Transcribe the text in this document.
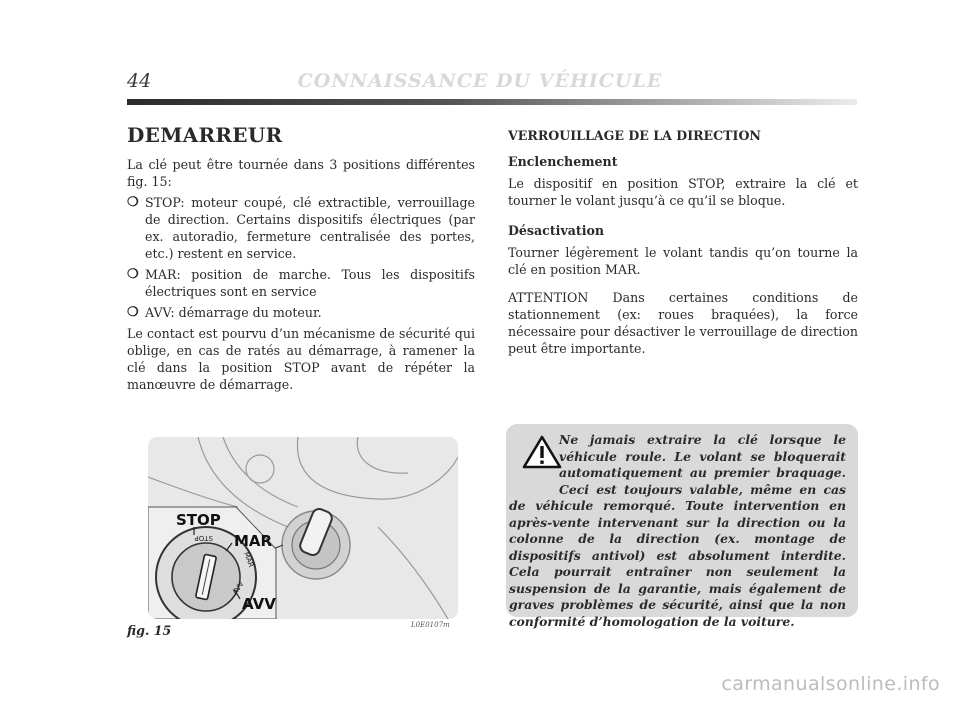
44	CONNAISSANCE DU VÉHICULE
DEMARREUR

La clé peut être tournée dans 3 positions différentes fig. 15:

❍ STOP: moteur coupé, clé extractible, verrouillage de direction. Certains dispositifs électriques (par ex. autoradio, fermeture centralisée des portes, etc.) restent en service.

❍ MAR: position de marche. Tous les dispositifs électriques sont en service

❍ AVV: démarrage du moteur.

Le contact est pourvu d’un mécanisme de sécurité qui oblige, en cas de ratés au démarrage, à ramener la clé dans la position STOP avant de répéter la manœuvre de démarrage.

VERROUILLAGE DE LA DIRECTION

Enclenchement

Le dispositif en position STOP, extraire la clé et tourner le volant jusqu’à ce qu’il se bloque.

Désactivation

Tourner légèrement le volant tandis qu’on tourne la clé en position MAR.

ATTENTION Dans certaines conditions de stationnement (ex: roues braquées), la force nécessaire pour désactiver le verrouillage de direction peut être importante.

STOP
MAR
AVV
STOP
MAR
AVV
fig. 15	L0E0107m
Ne jamais extraire la clé lorsque le véhicule roule. Le volant se bloquerait automatiquement au premier braquage. Ceci est toujours valable, même en cas de véhicule remorqué. Toute intervention en après-vente intervenant sur la direction ou la colonne de la direction (ex. montage de dispositifs antivol) est absolument interdite. Cela pourrait entraîner non seulement la suspension de la garantie, mais également de graves problèmes de sécurité, ainsi que la non conformité d’homologation de la voiture.
carmanualsonline.info
